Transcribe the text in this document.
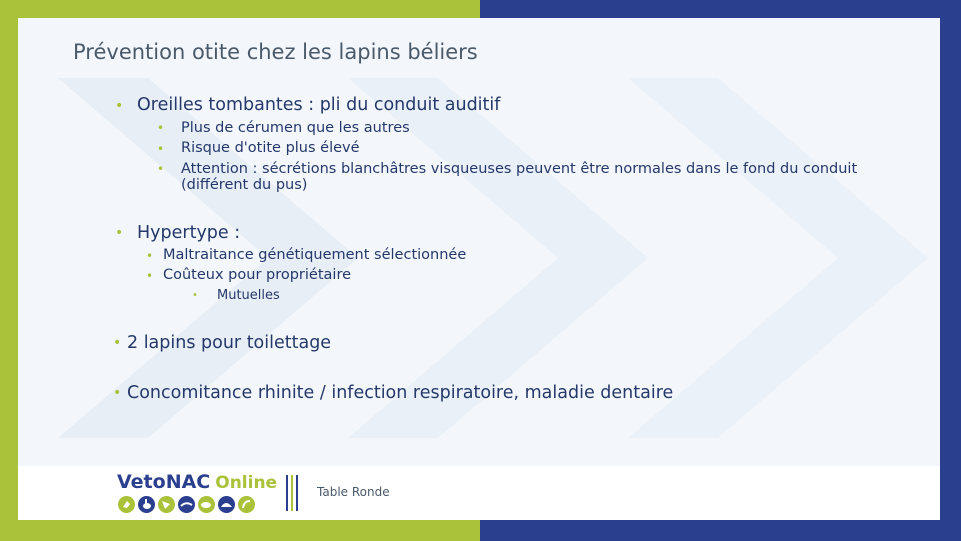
Prévention otite chez les lapins béliers
• Oreilles tombantes : pli du conduit auditif
• Plus de cérumen que les autres
• Risque d'otite plus élevé
• Attention : sécrétions blanchâtres visqueuses peuvent être normales dans le fond du conduit (différent du pus)
• Hypertype :
• Maltraitance génétiquement sélectionnée
• Coûteux pour propriétaire
• Mutuelles
• 2 lapins pour toilettage
• Concomitance rhinite / infection respiratoire, maladie dentaire
VetoNAC Online	Table Ronde
